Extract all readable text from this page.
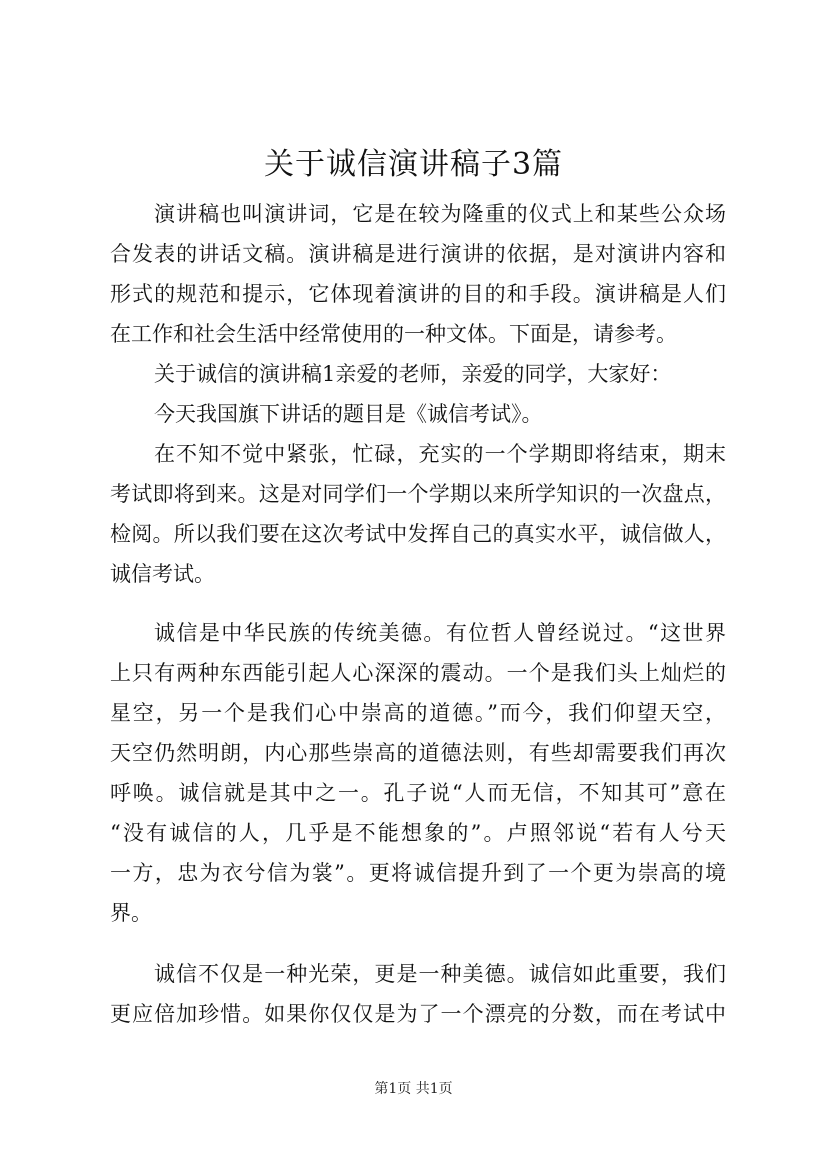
关于诚信演讲稿子3篇
演讲稿也叫演讲词，它是在较为隆重的仪式上和某些公众场
合发表的讲话文稿。演讲稿是进行演讲的依据，是对演讲内容和
形式的规范和提示，它体现着演讲的目的和手段。演讲稿是人们
在工作和社会生活中经常使用的一种文体。下面是，请参考。
关于诚信的演讲稿1亲爱的老师，亲爱的同学，大家好：
今天我国旗下讲话的题目是《诚信考试》。
在不知不觉中紧张，忙碌，充实的一个学期即将结束，期末
考试即将到来。这是对同学们一个学期以来所学知识的一次盘点，
检阅。所以我们要在这次考试中发挥自己的真实水平，诚信做人，
诚信考试。
诚信是中华民族的传统美德。有位哲人曾经说过。“这世界
上只有两种东西能引起人心深深的震动。一个是我们头上灿烂的
星空，另一个是我们心中崇高的道德。”而今，我们仰望天空，
天空仍然明朗，内心那些崇高的道德法则，有些却需要我们再次
呼唤。诚信就是其中之一。孔子说“人而无信，不知其可”意在
“没有诚信的人，几乎是不能想象的”。卢照邻说“若有人兮天
一方，忠为衣兮信为裳”。更将诚信提升到了一个更为崇高的境
界。
诚信不仅是一种光荣，更是一种美德。诚信如此重要，我们
更应倍加珍惜。如果你仅仅是为了一个漂亮的分数，而在考试中
第1页 共1页
